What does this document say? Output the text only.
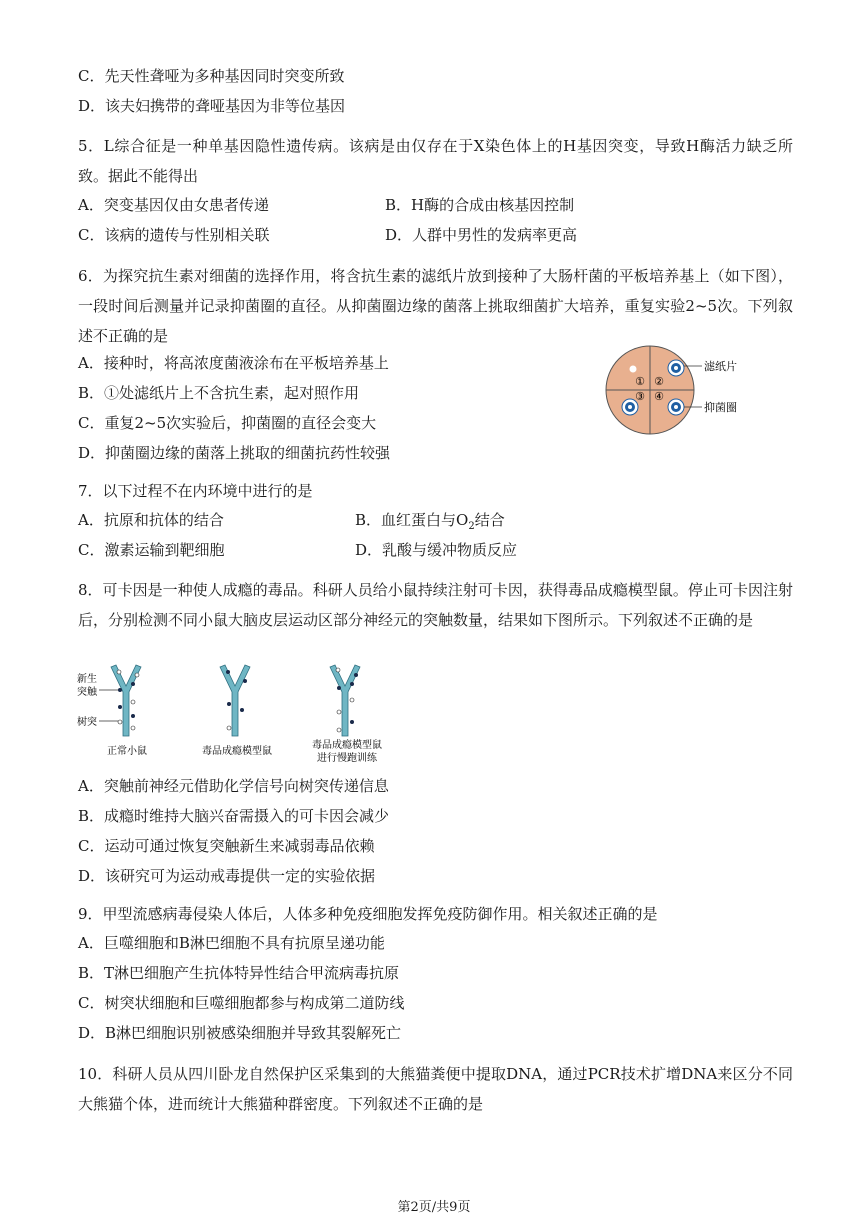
C．先天性聋哑为多种基因同时突变所致
D．该夫妇携带的聋哑基因为非等位基因
5．L综合征是一种单基因隐性遗传病。该病是由仅存在于X染色体上的H基因突变，导致H酶活力缺乏所致。据此不能得出
A．突变基因仅由女患者传递	B．H酶的合成由核基因控制
C．该病的遗传与性别相关联	D．人群中男性的发病率更高
6．为探究抗生素对细菌的选择作用，将含抗生素的滤纸片放到接种了大肠杆菌的平板培养基上（如下图），一段时间后测量并记录抑菌圈的直径。从抑菌圈边缘的菌落上挑取细菌扩大培养，重复实验2~5次。下列叙述不正确的是
A．接种时，将高浓度菌液涂布在平板培养基上
B．①处滤纸片上不含抗生素，起对照作用
C．重复2~5次实验后，抑菌圈的直径会变大
D．抑菌圈边缘的菌落上挑取的细菌抗药性较强
① ②
③ ④
滤纸片
抑菌圈
7．以下过程不在内环境中进行的是
A．抗原和抗体的结合	B．血红蛋白与$O_2$结合
C．激素运输到靶细胞	D．乳酸与缓冲物质反应
8．可卡因是一种使人成瘾的毒品。科研人员给小鼠持续注射可卡因，获得毒品成瘾模型鼠。停止可卡因注射后，分别检测不同小鼠大脑皮层运动区部分神经元的突触数量，结果如下图所示。下列叙述不正确的是
新生
突触
树突
正常小鼠	毒品成瘾模型鼠
毒品成瘾模型鼠
进行慢跑训练
A．突触前神经元借助化学信号向树突传递信息
B．成瘾时维持大脑兴奋需摄入的可卡因会减少
C．运动可通过恢复突触新生来减弱毒品依赖
D．该研究可为运动戒毒提供一定的实验依据
9．甲型流感病毒侵染人体后，人体多种免疫细胞发挥免疫防御作用。相关叙述正确的是
A．巨噬细胞和B淋巴细胞不具有抗原呈递功能
B．T淋巴细胞产生抗体特异性结合甲流病毒抗原
C．树突状细胞和巨噬细胞都参与构成第二道防线
D．B淋巴细胞识别被感染细胞并导致其裂解死亡
10．科研人员从四川卧龙自然保护区采集到的大熊猫粪便中提取DNA，通过PCR技术扩增DNA来区分不同大熊猫个体，进而统计大熊猫种群密度。下列叙述不正确的是
第2页/共9页
